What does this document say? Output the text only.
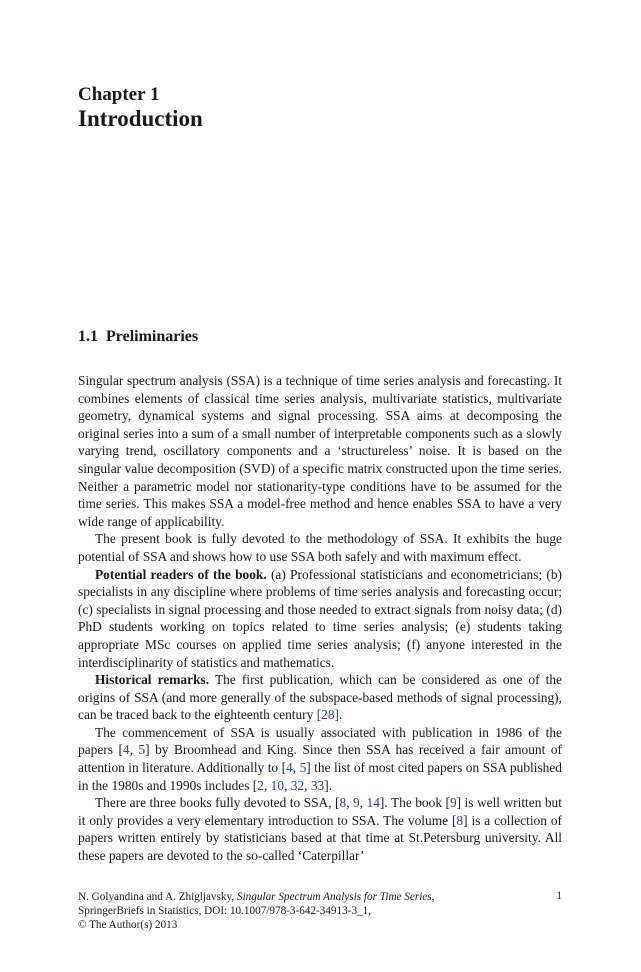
Chapter 1
Introduction
1.1 Preliminaries

Singular spectrum analysis (SSA) is a technique of time series analysis and forecasting. It combines elements of classical time series analysis, multivariate statistics, multivariate geometry, dynamical systems and signal processing. SSA aims at decomposing the original series into a sum of a small number of interpretable components such as a slowly varying trend, oscillatory components and a ‘structureless’ noise. It is based on the singular value decomposition (SVD) of a specific matrix constructed upon the time series. Neither a parametric model nor stationarity-type conditions have to be assumed for the time series. This makes SSA a model-free method and hence enables SSA to have a very wide range of applicability.

The present book is fully devoted to the methodology of SSA. It exhibits the huge potential of SSA and shows how to use SSA both safely and with maximum effect.

Potential readers of the book. (a) Professional statisticians and econometricians; (b) specialists in any discipline where problems of time series analysis and forecasting occur; (c) specialists in signal processing and those needed to extract signals from noisy data; (d) PhD students working on topics related to time series analysis; (e) students taking appropriate MSc courses on applied time series analysis; (f) anyone interested in the interdisciplinarity of statistics and mathematics.

Historical remarks. The first publication, which can be considered as one of the origins of SSA (and more generally of the subspace-based methods of signal processing), can be traced back to the eighteenth century [28].

The commencement of SSA is usually associated with publication in 1986 of the papers [4, 5] by Broomhead and King. Since then SSA has received a fair amount of attention in literature. Additionally to [4, 5] the list of most cited papers on SSA published in the 1980s and 1990s includes [2, 10, 32, 33].

There are three books fully devoted to SSA, [8, 9, 14]. The book [9] is well written but it only provides a very elementary introduction to SSA. The volume [8] is a collection of papers written entirely by statisticians based at that time at St.Petersburg university. All these papers are devoted to the so-called ‘Caterpillar’

N. Golyandina and A. Zhigljavsky, Singular Spectrum Analysis for Time Series,
SpringerBriefs in Statistics, DOI: 10.1007/978-3-642-34913-3_1,
© The Author(s) 2013
1
